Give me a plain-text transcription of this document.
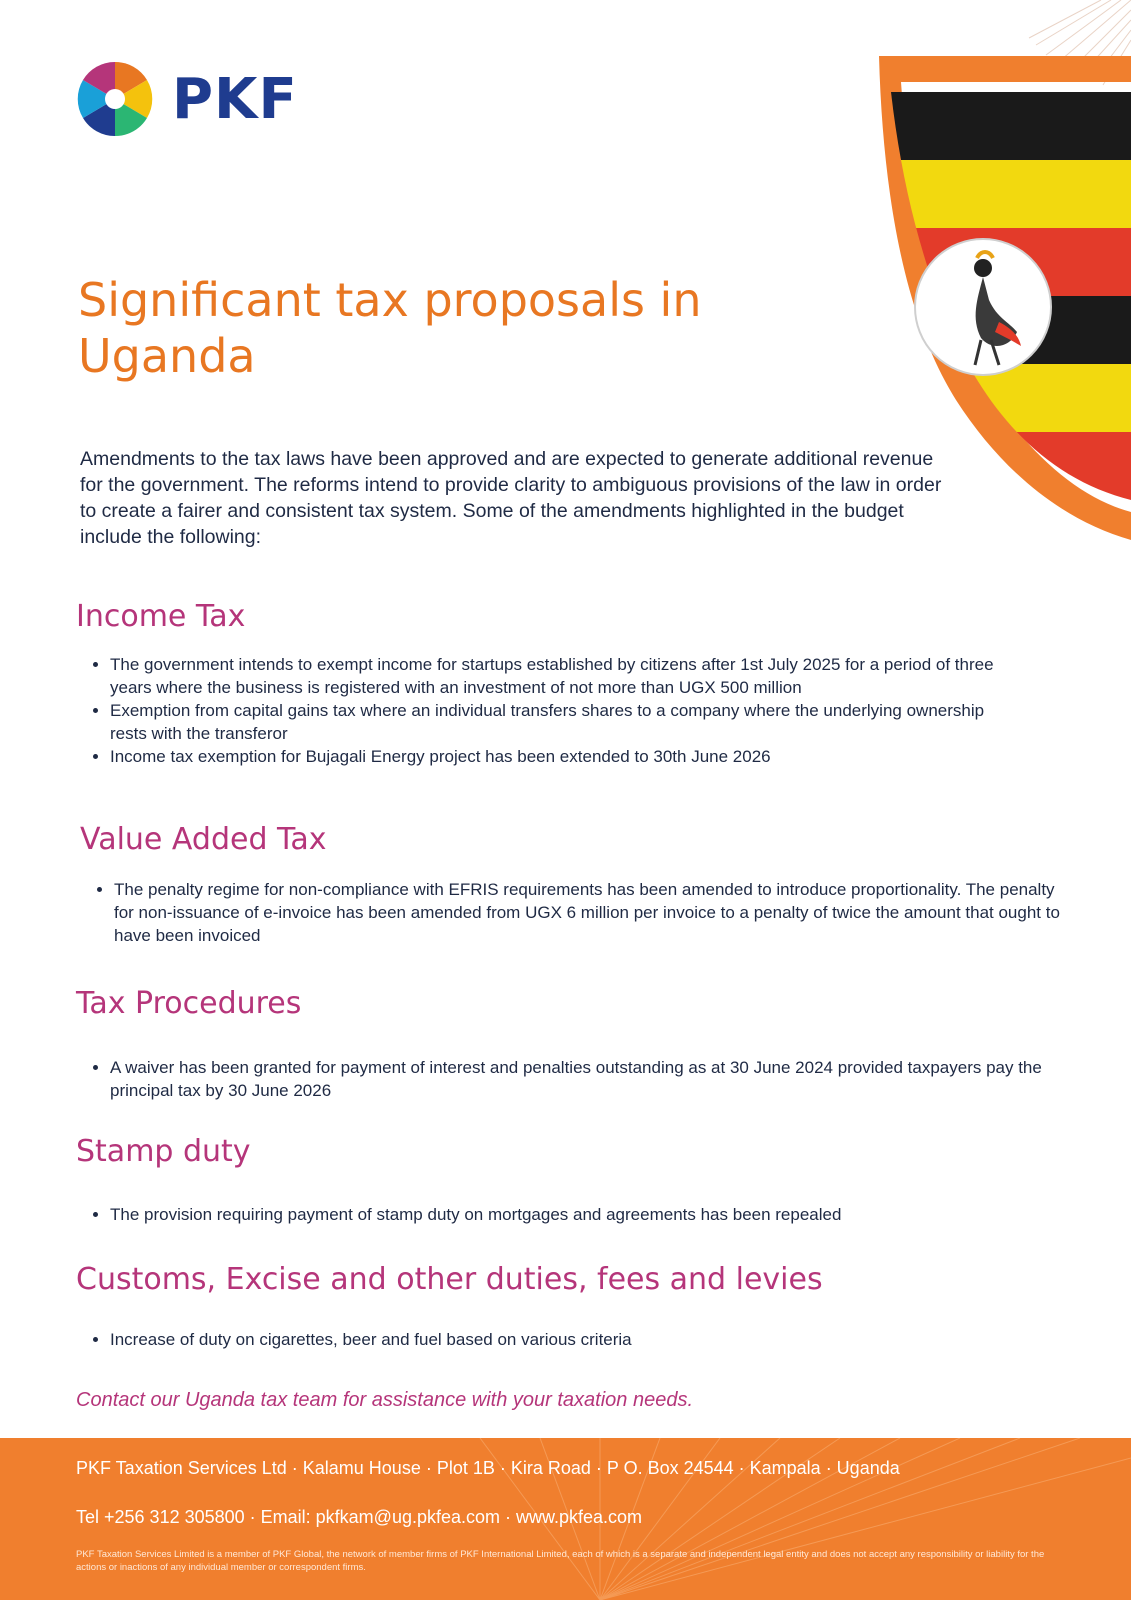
PKF
Significant tax proposals in Uganda

Amendments to the tax laws have been approved and are expected to generate additional revenue for the government. The reforms intend to provide clarity to ambiguous provisions of the law in order to create a fairer and consistent tax system. Some of the amendments highlighted in the budget include the following:

Income Tax
• The government intends to exempt income for startups established by citizens after 1st July 2025 for a period of three years where the business is registered with an investment of not more than UGX 500 million
• Exemption from capital gains tax where an individual transfers shares to a company where the underlying ownership rests with the transferor
• Income tax exemption for Bujagali Energy project has been extended to 30th June 2026
Value Added Tax
• The penalty regime for non-compliance with EFRIS requirements has been amended to introduce proportionality. The penalty for non-issuance of e-invoice has been amended from UGX 6 million per invoice to a penalty of twice the amount that ought to have been invoiced
Tax Procedures
• A waiver has been granted for payment of interest and penalties outstanding as at 30 June 2024 provided taxpayers pay the principal tax by 30 June 2026
Stamp duty
• The provision requiring payment of stamp duty on mortgages and agreements has been repealed
Customs, Excise and other duties, fees and levies
• Increase of duty on cigarettes, beer and fuel based on various criteria

Contact our Uganda tax team for assistance with your taxation needs.

PKF Taxation Services Ltd · Kalamu House · Plot 1B · Kira Road · P O. Box 24544 · Kampala · Uganda

Tel +256 312 305800 · Email: pkfkam@ug.pkfea.com · www.pkfea.com

PKF Taxation Services Limited is a member of PKF Global, the network of member firms of PKF International Limited, each of which is a separate and independent legal entity and does not accept any responsibility or liability for the actions or inactions of any individual member or correspondent firms.
